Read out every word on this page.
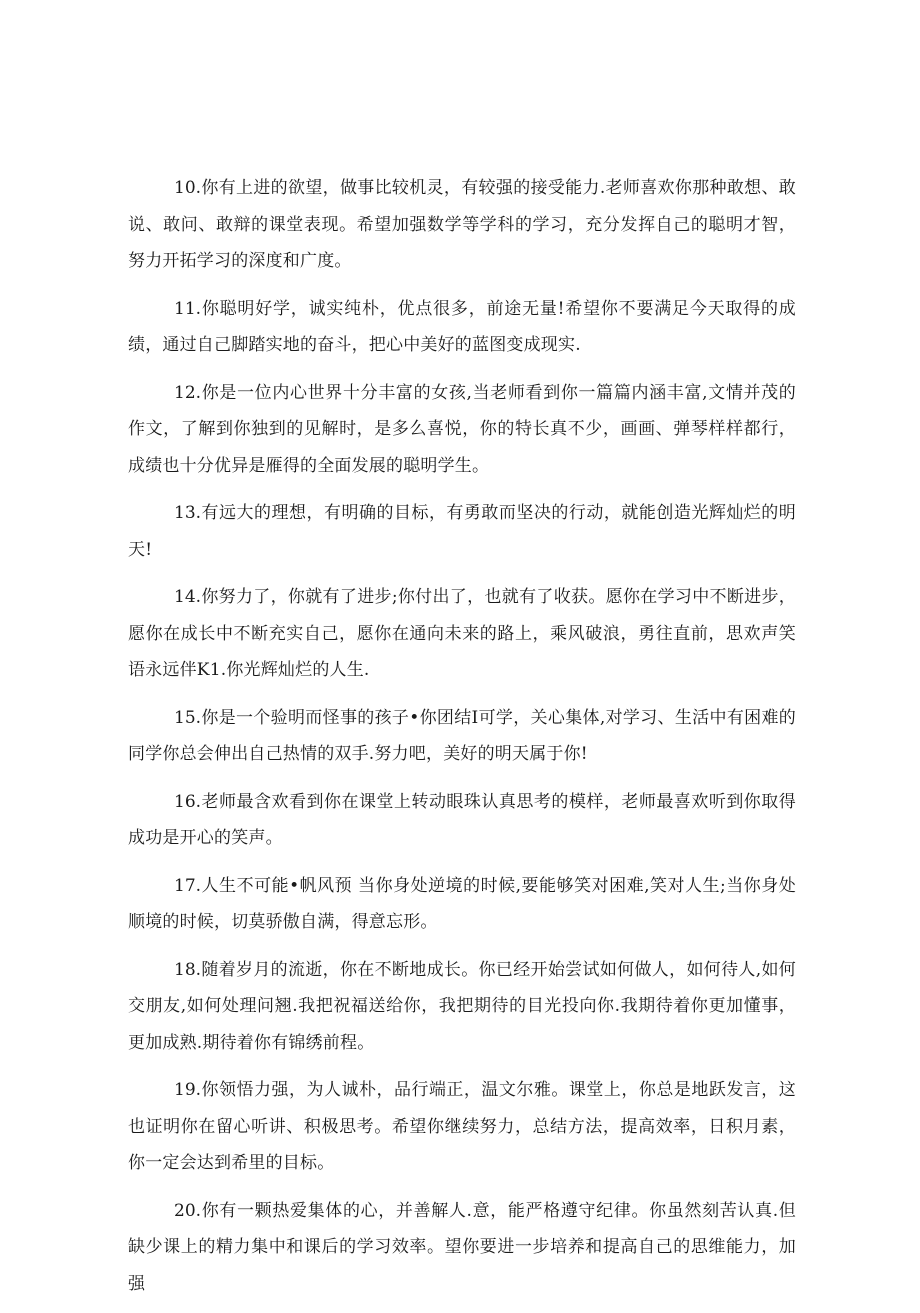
10.你有上进的欲望，做事比较机灵，有较强的接受能力.老师喜欢你那种敢想、敢说、敢问、敢辩的课堂表现。希望加强数学等学科的学习，充分发挥自己的聪明才智，努力开拓学习的深度和广度。

11.你聪明好学，诚实纯朴，优点很多，前途无量!希望你不要满足今天取得的成绩，通过自己脚踏实地的奋斗，把心中美好的蓝图变成现实.

12.你是一位内心世界十分丰富的女孩,当老师看到你一篇篇内涵丰富,文情并茂的作文，了解到你独到的见解时，是多么喜悦，你的特长真不少，画画、弹琴样样都行，成绩也十分优异是雁得的全面发展的聪明学生。

13.有远大的理想，有明确的目标，有勇敢而坚决的行动，就能创造光辉灿烂的明天!

14.你努力了，你就有了进步;你付出了，也就有了收获。愿你在学习中不断进步，愿你在成长中不断充实自己，愿你在通向未来的路上，乘风破浪，勇往直前，思欢声笑语永远伴K1.你光辉灿烂的人生.

15.你是一个验明而怪事的孩子•你团结I可学，关心集体,对学习、生活中有困难的同学你总会伸出自己热情的双手.努力吧，美好的明天属于你!

16.老师最含欢看到你在课堂上转动眼珠认真思考的模样，老师最喜欢听到你取得成功是开心的笑声。

17.人生不可能•帆风预 当你身处逆境的时候,要能够笑对困难,笑对人生;当你身处顺境的时候，切莫骄傲自满，得意忘形。

18.随着岁月的流逝，你在不断地成长。你已经开始尝试如何做人，如何待人,如何交朋友,如何处理问翘.我把祝福送给你，我把期待的目光投向你.我期待着你更加懂事，更加成熟.期待着你有锦绣前程。

19.你领悟力强，为人诚朴，品行端正，温文尔雅。课堂上，你总是地跃发言，这也证明你在留心听讲、积极思考。希望你继续努力，总结方法，提高效率，日积月素，你一定会达到希里的目标。

20.你有一颗热爱集体的心，并善解人.意，能严格遵守纪律。你虽然刻苦认真.但缺少课上的精力集中和课后的学习效率。望你要进一步培养和提高自己的思维能力，加强
